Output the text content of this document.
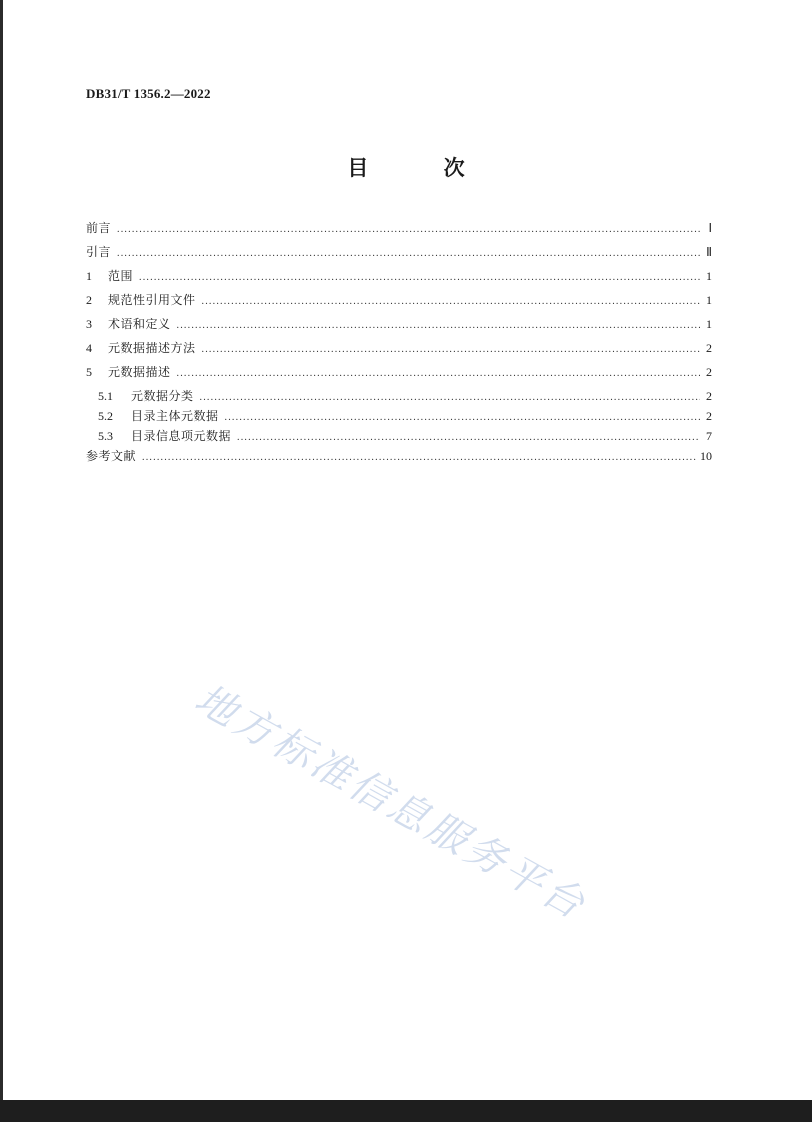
DB31/T 1356.2—2022
目 次
前言 .....	Ⅰ
引言 .....	Ⅱ
1	范围 .....	1
2	规范性引用文件 .....	1
3	术语和定义 .....	1
4	元数据描述方法 .....	2
5	元数据描述 .....	2
5.1	元数据分类 .....	2
5.2	目录主体元数据 .....	2
5.3	目录信息项元数据 .....	7
参考文献 .....	10
地方标准信息服务平台
